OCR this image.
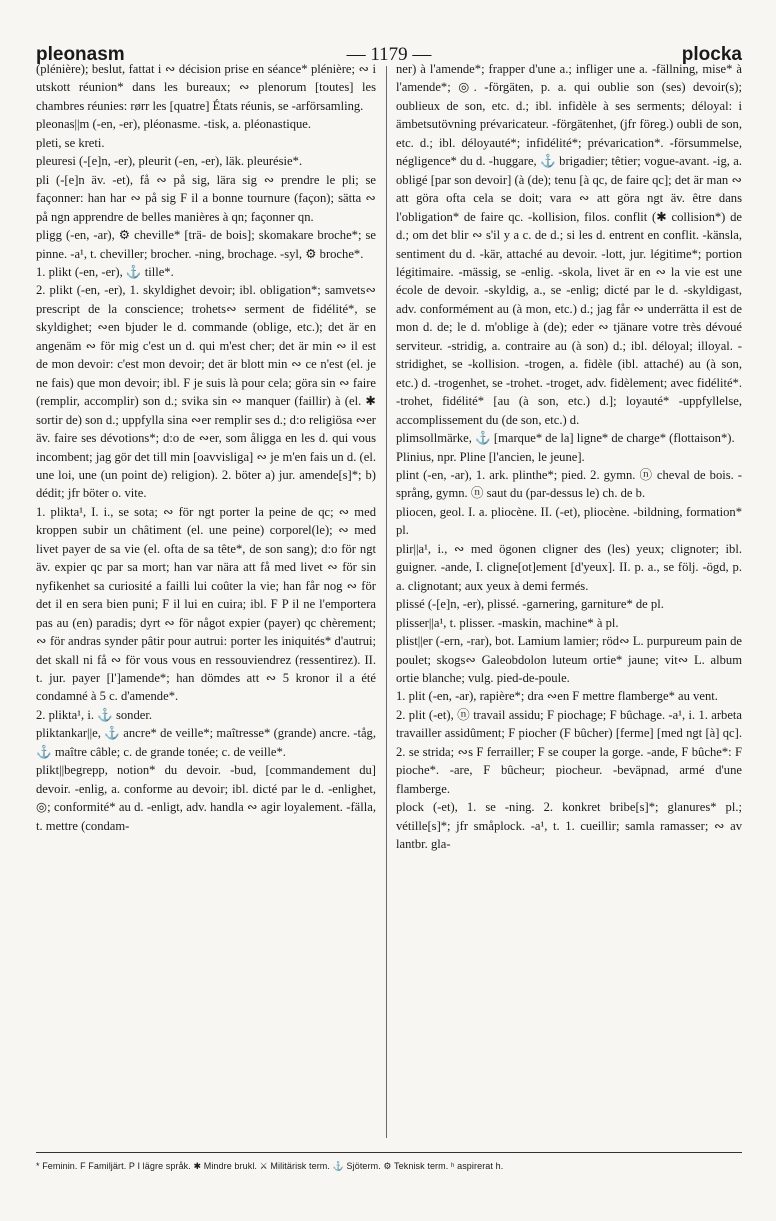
pleonasm	— 1179 —	plocka

(plénière); beslut, fattat i ∾ décision prise en séance* plénière; ∾ i utskott réunion* dans les bureaux; ∾ plenorum [toutes] les chambres réunies: rørr les [quatre] États réunis, se -arförsamling.

pleonas||m (-en, -er), pléonasme. -tisk, a. pléonastique.

pleti, se kreti.

pleuresi (-[e]n, -er), pleurit (-en, -er), läk. pleurésie*.

pli (-[e]n äv. -et), få ∾ på sig, lära sig ∾ prendre le pli; se façonner: han har ∾ på sig F il a bonne tournure (façon); sätta ∾ på ngn apprendre de belles manières à qn; façonner qn.

pligg (-en, -ar), ⚙ cheville* [trä- de bois]; skomakare broche*; se pinne. -a¹, t. cheviller; brocher. -ning, brochage. -syl, ⚙ broche*.

1. plikt (-en, -er), ⚓ tille*.

2. plikt (-en, -er), 1. skyldighet devoir; ibl. obligation*; samvets∾ prescript de la conscience; trohets∾ serment de fidélité*, se skyldighet; ∾en bjuder le d. commande (oblige, etc.); det är en angenäm ∾ för mig c'est un d. qui m'est cher; det är min ∾ il est de mon devoir: c'est mon devoir; det är blott min ∾ ce n'est (el. je ne fais) que mon devoir; ibl. F je suis là pour cela; göra sin ∾ faire (remplir, accomplir) son d.; svika sin ∾ manquer (faillir) à (el. ✱ sortir de) son d.; uppfylla sina ∾er remplir ses d.; d:o religiösa ∾er äv. faire ses dévotions*; d:o de ∾er, som åligga en les d. qui vous incombent; jag gör det till min [oavvisliga] ∾ je m'en fais un d. (el. une loi, une (un point de) religion). 2. böter a) jur. amende[s]*; b) dédit; jfr böter o. vite.

1. plikta¹, I. i., se sota; ∾ för ngt porter la peine de qc; ∾ med kroppen subir un châtiment (el. une peine) corporel(le); ∾ med livet payer de sa vie (el. ofta de sa tête*, de son sang); d:o för ngt äv. expier qc par sa mort; han var nära att få med livet ∾ för sin nyfikenhet sa curiosité a failli lui coûter la vie; han får nog ∾ för det il en sera bien puni; F il lui en cuira; ibl. F P il ne l'emportera pas au (en) paradis; dyrt ∾ för något expier (payer) qc chèrement; ∾ för andras synder pâtir pour autrui: porter les iniquités* d'autrui; det skall ni få ∾ för vous vous en ressouviendrez (ressentirez). II. t. jur. payer [l']amende*; han dömdes att ∾ 5 kronor il a été condamné à 5 c. d'amende*.

2. plikta¹, i. ⚓ sonder.

pliktankar||e, ⚓ ancre* de veille*; maîtresse* (grande) ancre. -tåg, ⚓ maître câble; c. de grande tonée; c. de veille*.

plikt||begrepp, notion* du devoir. -bud, [commandement du] devoir. -enlig, a. conforme au devoir; ibl. dicté par le d. -enlighet, ◎; conformité* au d. -enligt, adv. handla ∾ agir loyalement. -fälla, t. mettre (condam-

ner) à l'amende*; frapper d'une a.; infliger une a. -fällning, mise* à l'amende*; ◎. -förgäten, p. a. qui oublie son (ses) devoir(s); oublieux de son, etc. d.; ibl. infidèle à ses serments; déloyal: i ämbetsutövning prévaricateur. -förgätenhet, (jfr föreg.) oubli de son, etc. d.; ibl. déloyauté*; infidélité*; prévarication*. -försummelse, négligence* du d. -huggare, ⚓ brigadier; têtier; vogue-avant. -ig, a. obligé [par son devoir] (à (de); tenu [à qc, de faire qc]; det är man ∾ att göra ofta cela se doit; vara ∾ att göra ngt äv. être dans l'obligation* de faire qc. -kollision, filos. conflit (✱ collision*) de d.; om det blir ∾ s'il y a c. de d.; si les d. entrent en conflit. -känsla, sentiment du d. -kär, attaché au devoir. -lott, jur. légitime*; portion légitimaire. -mässig, se -enlig. -skola, livet är en ∾ la vie est une école de devoir. -skyldig, a., se -enlig; dicté par le d. -skyldigast, adv. conformément au (à mon, etc.) d.; jag får ∾ underrätta il est de mon d. de; le d. m'oblige à (de); eder ∾ tjänare votre très dévoué serviteur. -stridig, a. contraire au (à son) d.; ibl. déloyal; illoyal. -stridighet, se -kollision. -trogen, a. fidèle (ibl. attaché) au (à son, etc.) d. -trogenhet, se -trohet. -troget, adv. fidèlement; avec fidélité*. -trohet, fidélité* [au (à son, etc.) d.]; loyauté* -uppfyllelse, accomplissement du (de son, etc.) d.

plimsollmärke, ⚓ [marque* de la] ligne* de charge* (flottaison*).

Plinius, npr. Pline [l'ancien, le jeune].

plint (-en, -ar), 1. ark. plinthe*; pied. 2. gymn. ⓝ cheval de bois. -språng, gymn. ⓝ saut du (par-dessus le) ch. de b.

pliocen, geol. I. a. pliocène. II. (-et), pliocène. -bildning, formation* pl.

plir||a¹, i., ∾ med ögonen cligner des (les) yeux; clignoter; ibl. guigner. -ande, I. cligne[ot]ement [d'yeux]. II. p. a., se följ. -ögd, p. a. clignotant; aux yeux à demi fermés.

plissé (-[e]n, -er), plissé. -garnering, garniture* de pl.

plisser||a¹, t. plisser. -maskin, machine* à pl.

plist||er (-ern, -rar), bot. Lamium lamier; röd∾ L. purpureum pain de poulet; skogs∾ Galeobdolon luteum ortie* jaune; vit∾ L. album ortie blanche; vulg. pied-de-poule.

1. plit (-en, -ar), rapière*; dra ∾en F mettre flamberge* au vent.

2. plit (-et), ⓝ travail assidu; F piochage; F bûchage. -a¹, i. 1. arbeta travailler assidûment; F piocher (F bûcher) [ferme] [med ngt [à] qc]. 2. se strida; ∾s F ferrailler; F se couper la gorge. -ande, F bûche*: F pioche*. -are, F bûcheur; piocheur. -beväpnad, armé d'une flamberge.

plock (-et), 1. se -ning. 2. konkret bribe[s]*; glanures* pl.; vétille[s]*; jfr småplock. -a¹, t. 1. cueillir; samla ramasser; ∾ av lantbr. gla-

* Feminin. F Familjärt. P I lägre språk. ✱ Mindre brukl. ⚔ Militärisk term. ⚓ Sjöterm. ⚙ Teknisk term. ʰ aspirerat h.
